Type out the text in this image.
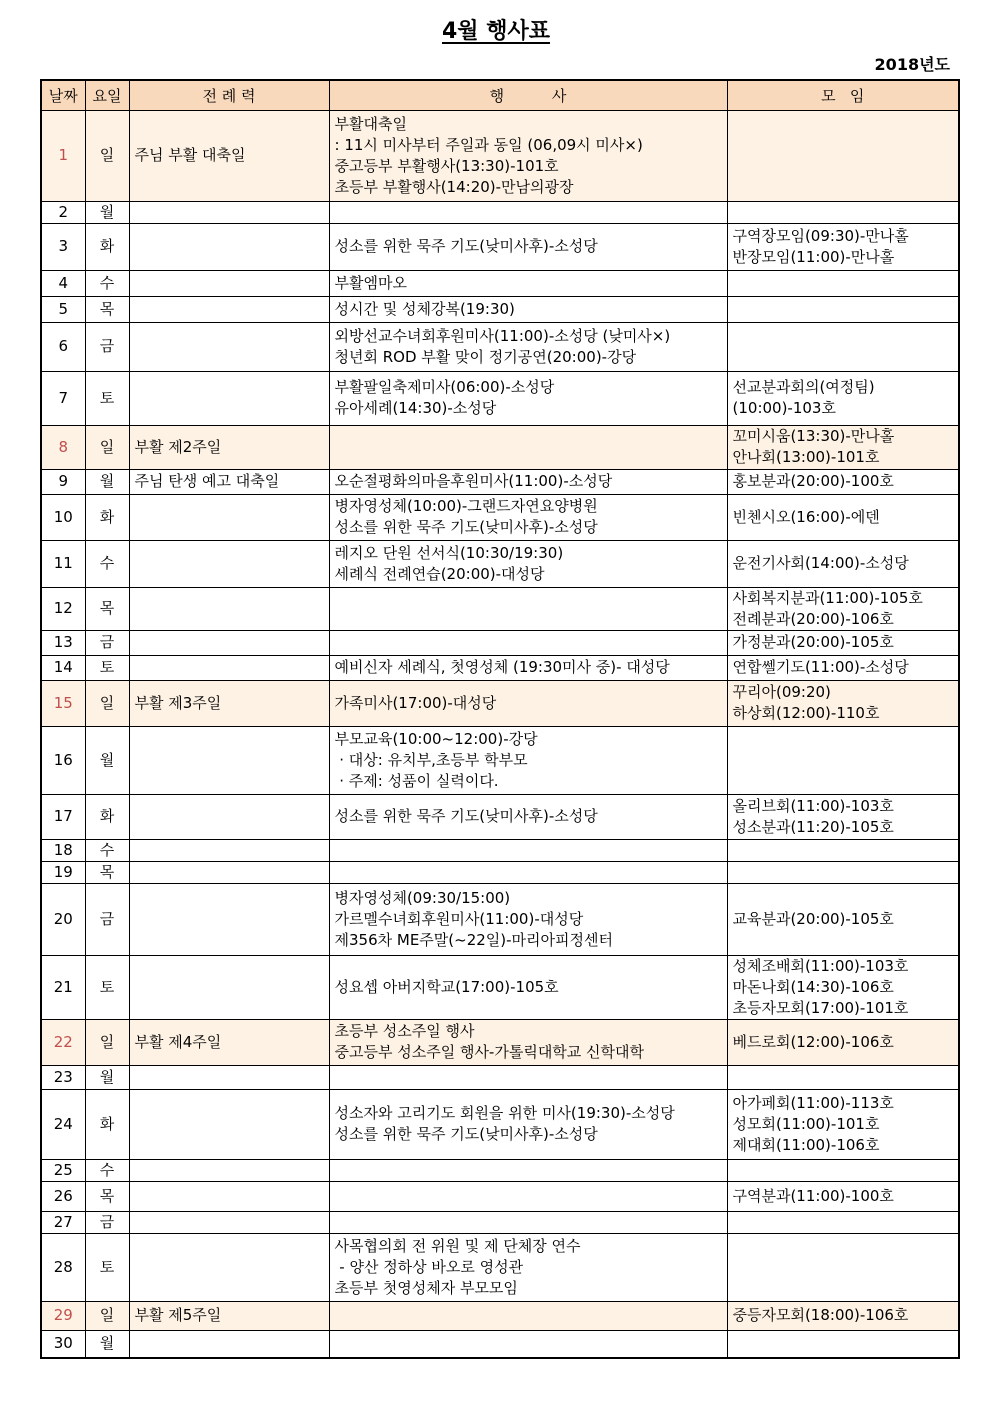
4월 행사표
2018년도
날짜	요일	전 례 력	행          사	모   임
1	일	주님 부활 대축일	부활대축일
: 11시 미사부터 주일과 동일 (06,09시 미사×)
중고등부 부활행사(13:30)-101호
초등부 부활행사(14:20)-만남의광장	

2	월			
3	화		성소를 위한 묵주 기도(낮미사후)-소성당	구역장모임(09:30)-만나홀
반장모임(11:00)-만나홀

4	수		부활엠마오	

5	목		성시간 및 성체강복(19:30)	

6	금		외방선교수녀회후원미사(11:00)-소성당 (낮미사×)
청년회 ROD 부활 맞이 정기공연(20:00)-강당	

7	토		부활팔일축제미사(06:00)-소성당
유아세례(14:30)-소성당	선교분과회의(여정팀)
(10:00)-103호

8	일	부활 제2주일		꼬미시움(13:30)-만나홀
안나회(13:00)-101호

9	월	주님 탄생 예고 대축일	오순절평화의마을후원미사(11:00)-소성당	홍보분과(20:00)-100호

10	화		병자영성체(10:00)-그랜드자연요양병원
성소를 위한 묵주 기도(낮미사후)-소성당	빈첸시오(16:00)-에덴

11	수		레지오 단원 선서식(10:30/19:30)
세례식 전례연습(20:00)-대성당	운전기사회(14:00)-소성당

12	목			사회복지분과(11:00)-105호
전례분과(20:00)-106호

13	금			가정분과(20:00)-105호

14	토		예비신자 세례식, 첫영성체 (19:30미사 중)- 대성당	연합쎌기도(11:00)-소성당

15	일	부활 제3주일	가족미사(17:00)-대성당	꾸리아(09:20)
하상회(12:00)-110호

16	월		부모교육(10:00~12:00)-강당
· 대상: 유치부,초등부 학부모
· 주제: 성품이 실력이다.	

17	화		성소를 위한 묵주 기도(낮미사후)-소성당	올리브회(11:00)-103호
성소분과(11:20)-105호

18	수			
19	목			
20	금		병자영성체(09:30/15:00)
가르멜수녀회후원미사(11:00)-대성당
제356차 ME주말(~22일)-마리아피정센터	교육분과(20:00)-105호

21	토		성요셉 아버지학교(17:00)-105호	성체조배회(11:00)-103호
마돈나회(14:30)-106호
초등자모회(17:00)-101호

22	일	부활 제4주일	초등부 성소주일 행사
중고등부 성소주일 행사-가톨릭대학교 신학대학	베드로회(12:00)-106호

23	월			
24	화		성소자와 고리기도 회원을 위한 미사(19:30)-소성당
성소를 위한 묵주 기도(낮미사후)-소성당	아가페회(11:00)-113호
성모회(11:00)-101호
제대회(11:00)-106호

25	수			
26	목			구역분과(11:00)-100호

27	금			
28	토		사목협의회 전 위원 및 제 단체장 연수
- 양산 정하상 바오로 영성관
초등부 첫영성체자 부모모임	

29	일	부활 제5주일		중등자모회(18:00)-106호

30	월			
